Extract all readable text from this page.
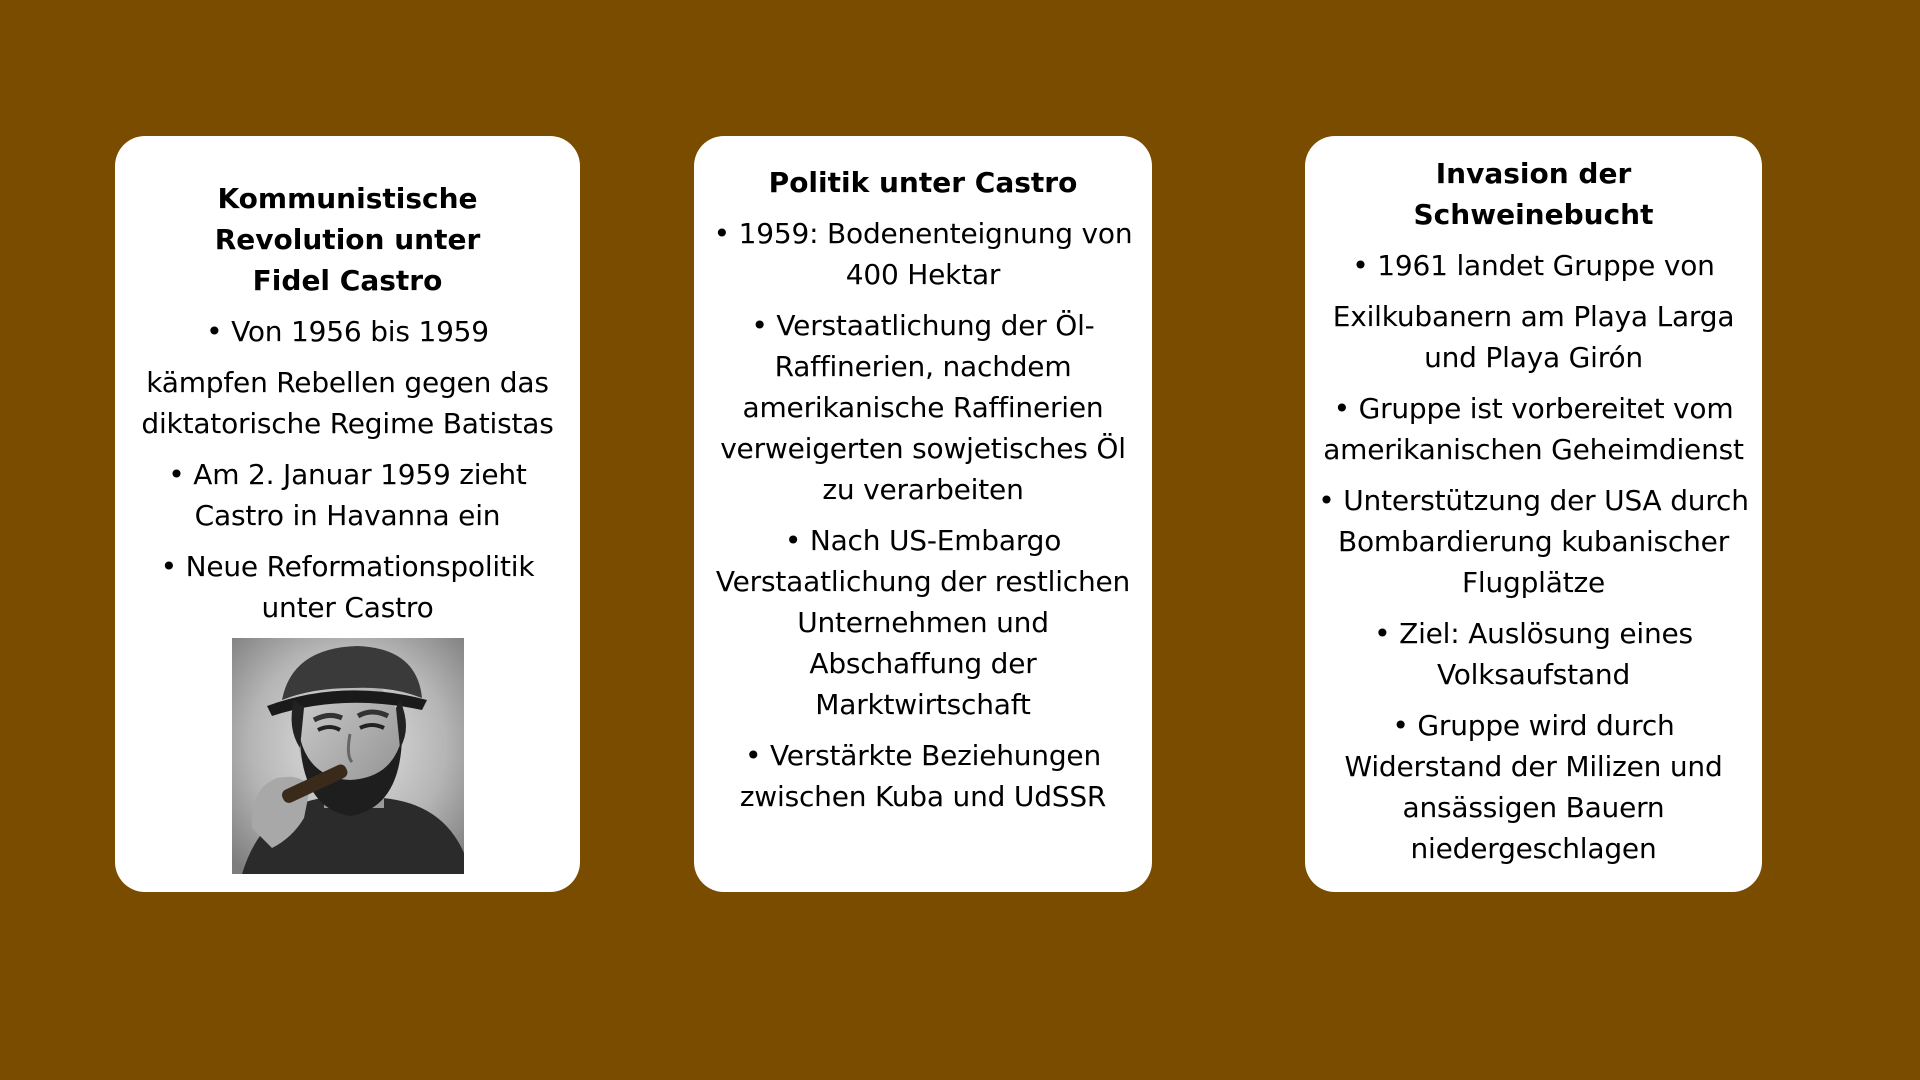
Kommunistische
Revolution unter
Fidel Castro

• Von 1956 bis 1959

kämpfen Rebellen gegen das diktatorische Regime Batistas

• Am 2. Januar 1959 zieht Castro in Havanna ein

• Neue Reformationspolitik unter Castro

Politik unter Castro

• 1959: Bodenenteignung von 400 Hektar

• Verstaatlichung der Öl-Raffinerien, nachdem amerikanische Raffinerien verweigerten sowjetisches Öl zu verarbeiten

• Nach US-Embargo Verstaatlichung der restlichen Unternehmen und Abschaffung der Marktwirtschaft

• Verstärkte Beziehungen zwischen Kuba und UdSSR

Invasion der Schweinebucht

• 1961 landet Gruppe von

Exilkubanern am Playa Larga und Playa Girón

• Gruppe ist vorbereitet vom amerikanischen Geheimdienst

• Unterstützung der USA durch Bombardierung kubanischer Flugplätze

• Ziel: Auslösung eines Volksaufstand

• Gruppe wird durch Widerstand der Milizen und ansässigen Bauern niedergeschlagen
